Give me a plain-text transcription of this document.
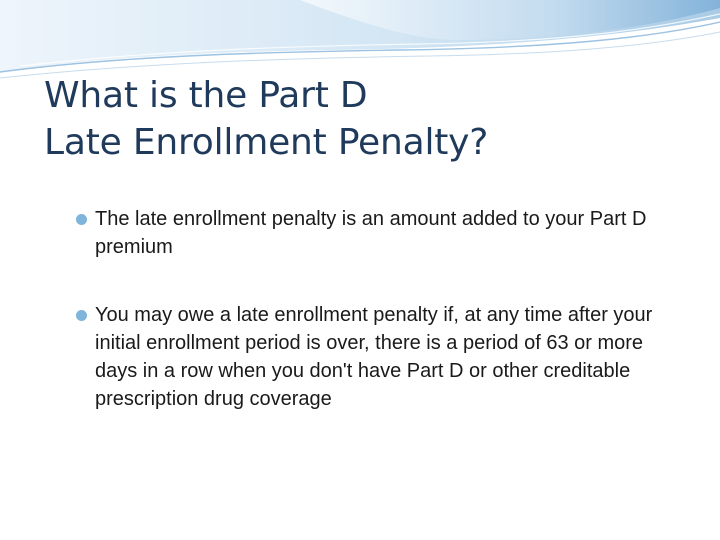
What is the Part D
Late Enrollment Penalty?
The late enrollment penalty is an amount added to your Part D premium
You may owe a late enrollment penalty if, at any time after your initial enrollment period is over, there is a period of 63 or more days in a row when you don't have Part D or other creditable prescription drug coverage
